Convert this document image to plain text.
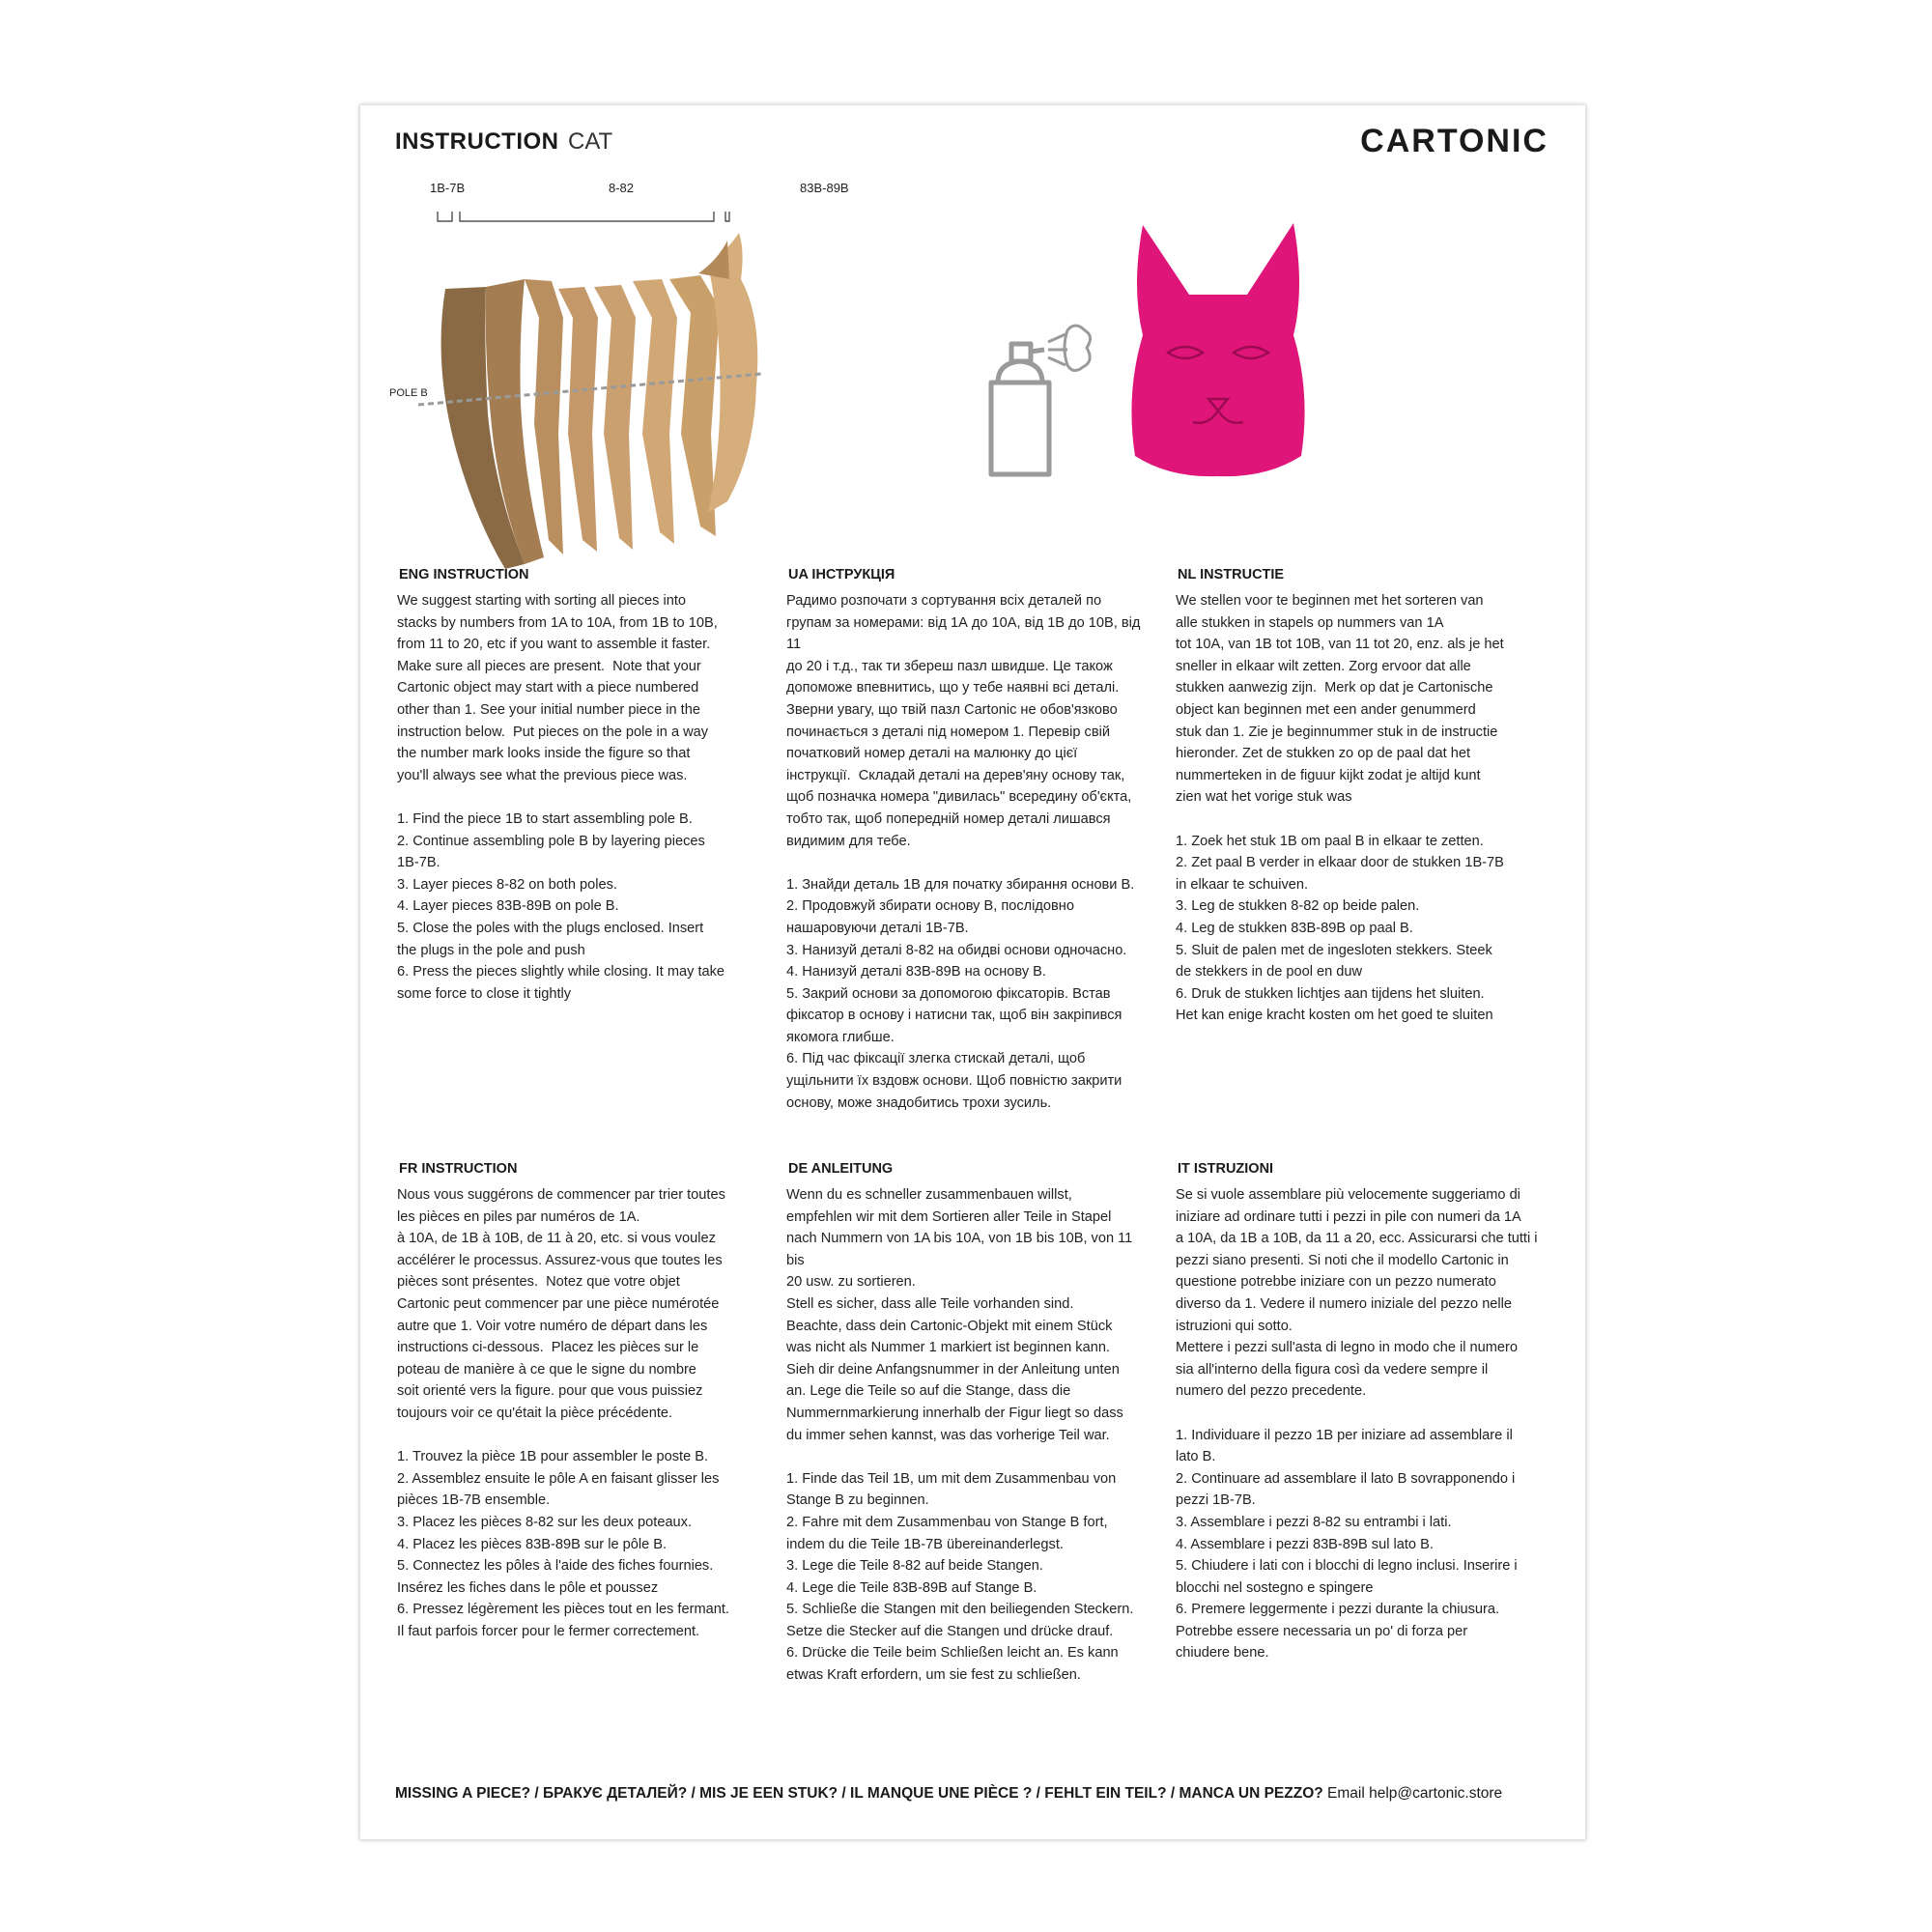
INSTRUCTION CAT	CARTONIC
1B-7B	8-82	83B-89B
POLE B
ENG INSTRUCTION
We suggest starting with sorting all pieces into
stacks by numbers from 1A to 10A, from 1B to 10B,
from 11 to 20, etc if you want to assemble it faster.
Make sure all pieces are present.  Note that your
Cartonic object may start with a piece numbered
other than 1. See your initial number piece in the
instruction below.  Put pieces on the pole in a way
the number mark looks inside the figure so that
you'll always see what the previous piece was.

1. Find the piece 1B to start assembling pole B.
2. Continue assembling pole B by layering pieces
1B-7B.
3. Layer pieces 8-82 on both poles.
4. Layer pieces 83B-89B on pole B.
5. Close the poles with the plugs enclosed. Insert
the plugs in the pole and push
6. Press the pieces slightly while closing. It may take
some force to close it tightly
UA ІНСТРУКЦІЯ
Радимо розпочати з сортування всіх деталей по
групам за номерами: від 1А до 10А, від 1B до 10B, від 11
до 20 і т.д., так ти збереш пазл швидше. Це також
допоможе впевнитись, що у тебе наявні всі деталі.
Зверни увагу, що твій пазл Cartonic не обов'язково
починається з деталі під номером 1. Перевір свій
початковий номер деталі на малюнку до цієї
інструкції.  Складай деталі на дерев'яну основу так,
щоб позначка номера "дивилась" всередину об'єкта,
тобто так, щоб попередній номер деталі лишався
видимим для тебе.

1. Знайди деталь 1B для початку збирання основи B.
2. Продовжуй збирати основу B, послідовно
нашаровуючи деталі 1B-7B.
3. Нанизуй деталі 8-82 на обидві основи одночасно.
4. Нанизуй деталі 83B-89B на основу B.
5. Закрий основи за допомогою фіксаторів. Встав
фіксатор в основу і натисни так, щоб він закріпився
якомога глибше.
6. Під час фіксації злегка стискай деталі, щоб
ущільнити їх вздовж основи. Щоб повністю закрити
основу, може знадобитись трохи зусиль.
NL INSTRUCTIE
We stellen voor te beginnen met het sorteren van
alle stukken in stapels op nummers van 1A
tot 10A, van 1B tot 10B, van 11 tot 20, enz. als je het
sneller in elkaar wilt zetten. Zorg ervoor dat alle
stukken aanwezig zijn.  Merk op dat je Cartonische
object kan beginnen met een ander genummerd
stuk dan 1. Zie je beginnummer stuk in de instructie
hieronder. Zet de stukken zo op de paal dat het
nummerteken in de figuur kijkt zodat je altijd kunt
zien wat het vorige stuk was

1. Zoek het stuk 1B om paal B in elkaar te zetten.
2. Zet paal B verder in elkaar door de stukken 1B-7B
in elkaar te schuiven.
3. Leg de stukken 8-82 op beide palen.
4. Leg de stukken 83B-89B op paal B.
5. Sluit de palen met de ingesloten stekkers. Steek
de stekkers in de pool en duw
6. Druk de stukken lichtjes aan tijdens het sluiten.
Het kan enige kracht kosten om het goed te sluiten
FR INSTRUCTION
Nous vous suggérons de commencer par trier toutes
les pièces en piles par numéros de 1A.
à 10A, de 1B à 10B, de 11 à 20, etc. si vous voulez
accélérer le processus. Assurez-vous que toutes les
pièces sont présentes.  Notez que votre objet
Cartonic peut commencer par une pièce numérotée
autre que 1. Voir votre numéro de départ dans les
instructions ci-dessous.  Placez les pièces sur le
poteau de manière à ce que le signe du nombre
soit orienté vers la figure. pour que vous puissiez
toujours voir ce qu'était la pièce précédente.

1. Trouvez la pièce 1B pour assembler le poste B.
2. Assemblez ensuite le pôle A en faisant glisser les
pièces 1B-7B ensemble.
3. Placez les pièces 8-82 sur les deux poteaux.
4. Placez les pièces 83B-89B sur le pôle B.
5. Connectez les pôles à l'aide des fiches fournies.
Insérez les fiches dans le pôle et poussez
6. Pressez légèrement les pièces tout en les fermant.
Il faut parfois forcer pour le fermer correctement.
DE ANLEITUNG
Wenn du es schneller zusammenbauen willst,
empfehlen wir mit dem Sortieren aller Teile in Stapel
nach Nummern von 1A bis 10A, von 1B bis 10B, von 11 bis
20 usw. zu sortieren.
Stell es sicher, dass alle Teile vorhanden sind.
Beachte, dass dein Cartonic-Objekt mit einem Stück
was nicht als Nummer 1 markiert ist beginnen kann.
Sieh dir deine Anfangsnummer in der Anleitung unten
an. Lege die Teile so auf die Stange, dass die
Nummernmarkierung innerhalb der Figur liegt so dass
du immer sehen kannst, was das vorherige Teil war.

1. Finde das Teil 1B, um mit dem Zusammenbau von
Stange B zu beginnen.
2. Fahre mit dem Zusammenbau von Stange B fort,
indem du die Teile 1B-7B übereinanderlegst.
3. Lege die Teile 8-82 auf beide Stangen.
4. Lege die Teile 83B-89B auf Stange B.
5. Schließe die Stangen mit den beiliegenden Steckern.
Setze die Stecker auf die Stangen und drücke drauf.
6. Drücke die Teile beim Schließen leicht an. Es kann
etwas Kraft erfordern, um sie fest zu schließen.
IT ISTRUZIONI
Se si vuole assemblare più velocemente suggeriamo di
iniziare ad ordinare tutti i pezzi in pile con numeri da 1A
a 10A, da 1B a 10B, da 11 a 20, ecc. Assicurarsi che tutti i
pezzi siano presenti. Si noti che il modello Cartonic in
questione potrebbe iniziare con un pezzo numerato
diverso da 1. Vedere il numero iniziale del pezzo nelle
istruzioni qui sotto.
Mettere i pezzi sull'asta di legno in modo che il numero
sia all'interno della figura così da vedere sempre il
numero del pezzo precedente.

1. Individuare il pezzo 1B per iniziare ad assemblare il
lato B.
2. Continuare ad assemblare il lato B sovrapponendo i
pezzi 1B-7B.
3. Assemblare i pezzi 8-82 su entrambi i lati.
4. Assemblare i pezzi 83B-89B sul lato B.
5. Chiudere i lati con i blocchi di legno inclusi. Inserire i
blocchi nel sostegno e spingere
6. Premere leggermente i pezzi durante la chiusura.
Potrebbe essere necessaria un po' di forza per
chiudere bene.
MISSING A PIECE? / БРАКУЄ ДЕТАЛЕЙ? / MIS JE EEN STUK? / IL MANQUE UNE PIÈCE ? / FEHLT EIN TEIL? / MANCA UN PEZZO? Email help@cartonic.store
